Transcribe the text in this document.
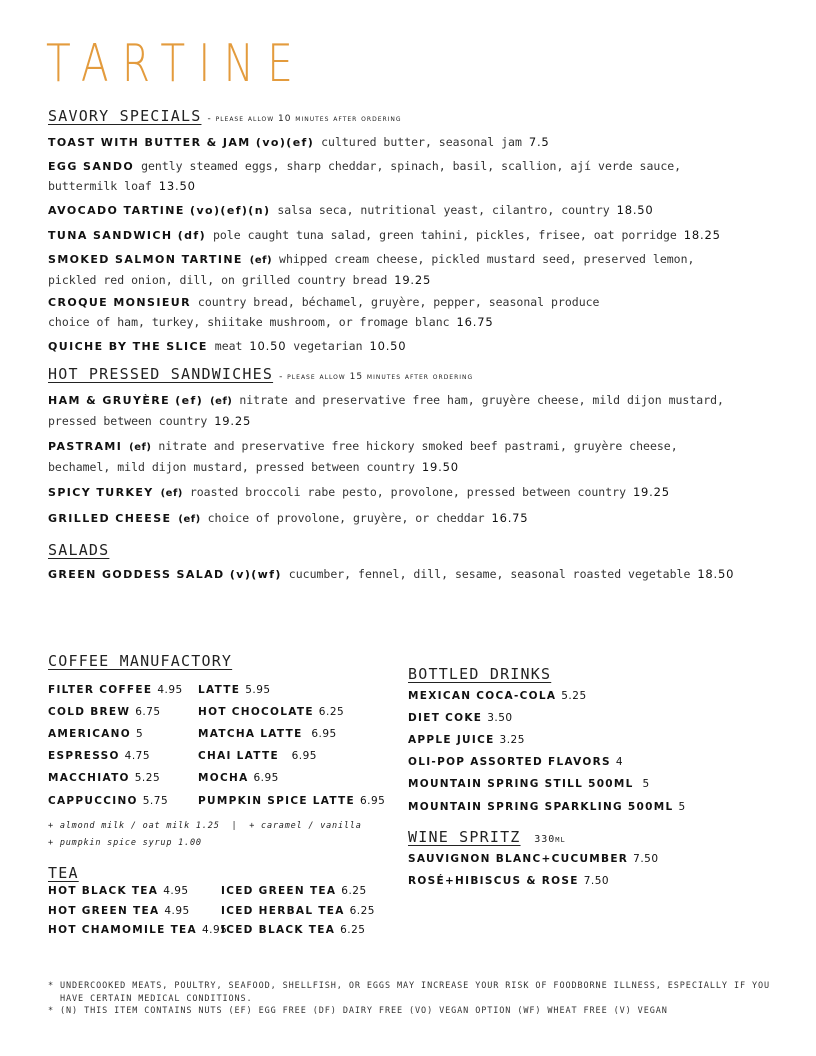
TARTINE
SAVORY SPECIALS - please allow 10 minutes after ordering
TOAST WITH BUTTER & JAM (vo)(ef) cultured butter, seasonal jam 7.5
EGG SANDO gently steamed eggs, sharp cheddar, spinach, basil, scallion, ají verde sauce,
buttermilk loaf 13.50
AVOCADO TARTINE (vo)(ef)(n) salsa seca, nutritional yeast, cilantro, country 18.50
TUNA SANDWICH (df) pole caught tuna salad, green tahini, pickles, frisee, oat porridge 18.25
SMOKED SALMON TARTINE (ef) whipped cream cheese, pickled mustard seed, preserved lemon,
pickled red onion, dill, on grilled country bread 19.25
CROQUE MONSIEUR country bread, béchamel, gruyère, pepper, seasonal produce
choice of ham, turkey, shiitake mushroom, or fromage blanc 16.75
QUICHE BY THE SLICE meat 10.50 vegetarian 10.50
HOT PRESSED SANDWICHES - please allow 15 minutes after ordering
HAM & GRUYÈRE (ef) (ef) nitrate and preservative free ham, gruyère cheese, mild dijon mustard,
pressed between country 19.25
PASTRAMI (ef) nitrate and preservative free hickory smoked beef pastrami, gruyère cheese,
bechamel, mild dijon mustard, pressed between country 19.50
SPICY TURKEY (ef) roasted broccoli rabe pesto, provolone, pressed between country 19.25
GRILLED CHEESE (ef) choice of provolone, gruyère, or cheddar 16.75
SALADS
GREEN GODDESS SALAD (v)(wf) cucumber, fennel, dill, sesame, seasonal roasted vegetable 18.50
COFFEE MANUFACTORY
FILTER COFFEE 4.95
COLD BREW 6.75
AMERICANO 5
ESPRESSO 4.75
MACCHIATO 5.25
CAPPUCCINO 5.75
LATTE 5.95
HOT CHOCOLATE 6.25
MATCHA LATTE  6.95
CHAI LATTE   6.95
MOCHA 6.95
PUMPKIN SPICE LATTE 6.95
+ almond milk / oat milk 1.25  |  + caramel / vanilla
+ pumpkin spice syrup 1.00
TEA
HOT BLACK TEA 4.95
HOT GREEN TEA 4.95
HOT CHAMOMILE TEA 4.95
ICED GREEN TEA 6.25
ICED HERBAL TEA 6.25
ICED BLACK TEA 6.25
BOTTLED DRINKS
MEXICAN COCA-COLA 5.25
DIET COKE 3.50
APPLE JUICE 3.25
OLI-POP ASSORTED FLAVORS 4
MOUNTAIN SPRING STILL 500ML  5
MOUNTAIN SPRING SPARKLING 500ML 5
WINE SPRITZ 330ml
SAUVIGNON BLANC+CUCUMBER 7.50
ROSÉ+HIBISCUS & ROSE 7.50
* UNDERCOOKED MEATS, POULTRY, SEAFOOD, SHELLFISH, OR EGGS MAY INCREASE YOUR RISK OF FOODBORNE ILLNESS, ESPECIALLY IF YOU HAVE CERTAIN MEDICAL CONDITIONS.
* (N) THIS ITEM CONTAINS NUTS (EF) EGG FREE (DF) DAIRY FREE (VO) VEGAN OPTION (WF) WHEAT FREE (V) VEGAN
